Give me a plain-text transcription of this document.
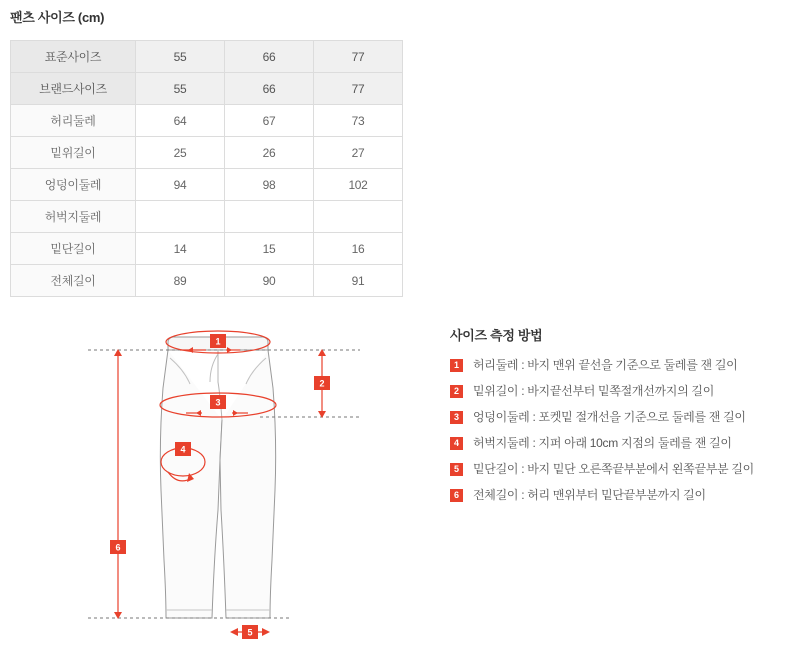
팬츠 사이즈 (cm)
표준사이즈	55	66	77
브랜드사이즈	55	66	77
허리둘레	64	67	73
밑위길이	25	26	27
엉덩이둘레	94	98	102
허벅지둘레			
밑단길이	14	15	16
전체길이	89	90	91
1
3
4
2
6
5
사이즈 측정 방법
1	허리둘레 : 바지 맨위 끝선을 기준으로 둘레를 잰 길이
2	밑위길이 : 바지끝선부터 밑쪽절개선까지의 길이
3	엉덩이둘레 : 포켓밑 절개선을 기준으로 둘레를 잰 길이
4	허벅지둘레 : 지퍼 아래 10cm 지점의 둘레를 잰 길이
5	밑단길이 : 바지 밑단 오른쪽끝부분에서 왼쪽끝부분 길이
6	전체길이 : 허리 맨위부터 밑단끝부분까지 길이
